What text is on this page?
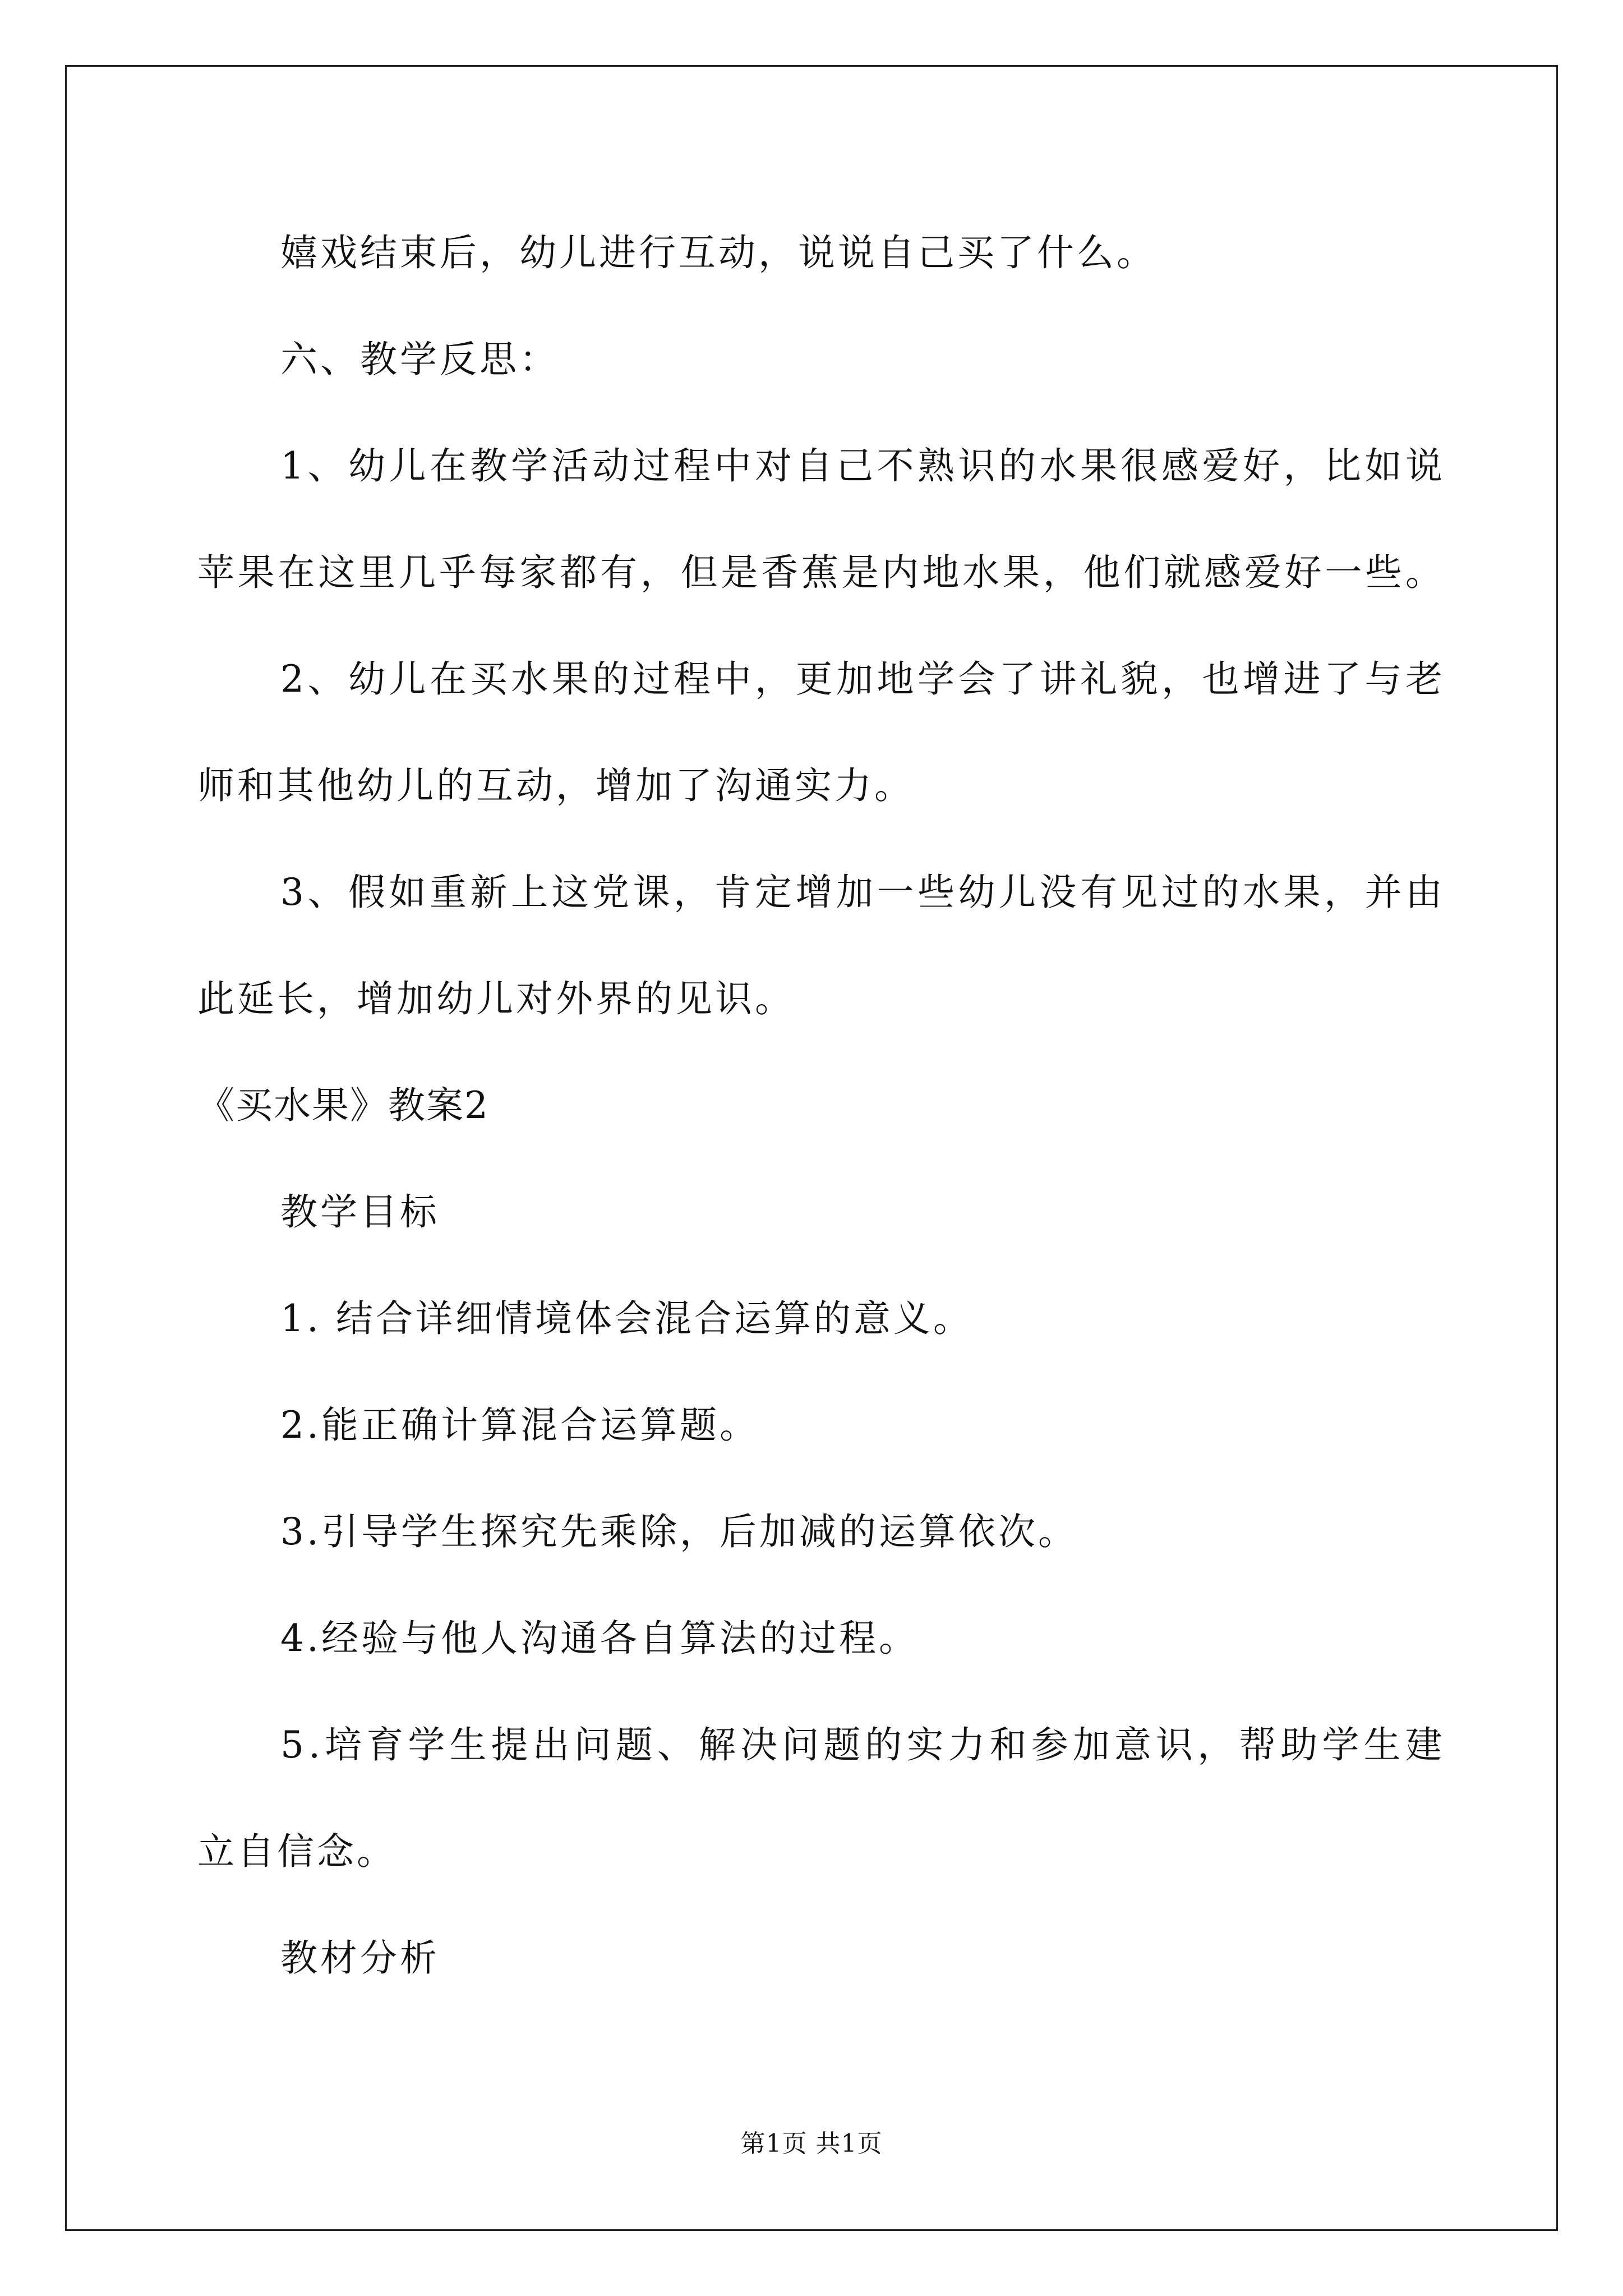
嬉戏结束后，幼儿进行互动，说说自己买了什么。
六、教学反思：
1 、 幼 儿 在 教 学 活 动 过 程 中 对 自 己 不 熟 识 的 水 果 很 感 爱 好 ， 比 如 说
苹 果 在 这 里 几 乎 每 家 都 有 ， 但 是 香 蕉 是 内 地 水 果 ， 他 们 就 感 爱 好 一 些 。
2 、 幼 儿 在 买 水 果 的 过 程 中 ， 更 加 地 学 会 了 讲 礼 貌 ， 也 增 进 了 与 老
师和其他幼儿的互动，增加了沟通实力。
3 、 假 如 重 新 上 这 党 课 ， 肯 定 增 加 一 些 幼 儿 没 有 见 过 的 水 果 ， 并 由
此延长，增加幼儿对外界的见识。
《买水果》教案2
教学目标
1. 结合详细情境体会混合运算的意义。
2.能正确计算混合运算题。
3.引导学生探究先乘除，后加减的运算依次。
4.经验与他人沟通各自算法的过程。
5 . 培 育 学 生 提 出 问 题 、 解 决 问 题 的 实 力 和 参 加 意 识 ， 帮 助 学 生 建
立自信念。
教材分析
第1页 共1页
